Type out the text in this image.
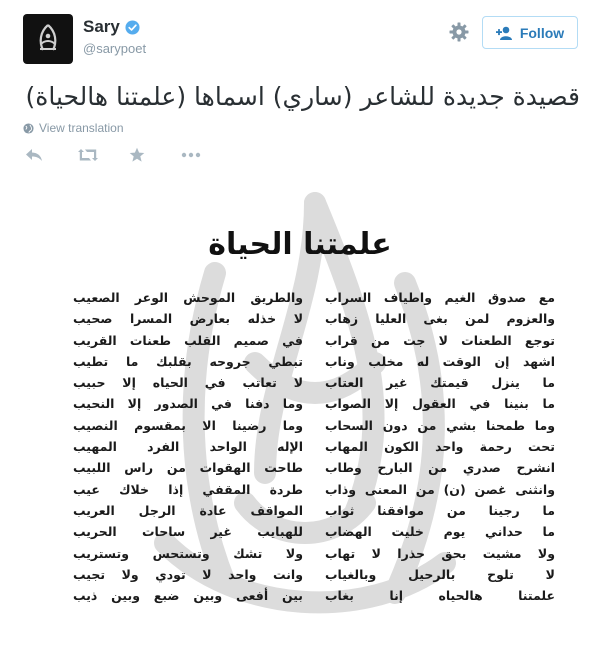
Sary
@sarypoet
Follow
قصيدة جديدة للشاعر (ساري) اسماها (علمتنا هالحياة)
View translation
علمتنا الحياة
مع صدوق الغيم واطياف السراب
والعزوم لمن بغى العليا زهاب
توجع الطعنات لا جت من قراب
اشهد إن الوقت له مخلب وناب
ما ينزل قيمتك غير العتاب
ما بنينا في العقول إلا الصواب
وما طمحنا بشي من دون السحاب
تحت رحمة واحد الكون المهاب
انشرح صدري من البارح وطاب
وانثنى غصن (ن) من المعنى وذاب
ما رجينا من موافقنا ثواب
ما حداني يوم خليت الهضاب
ولا مشيت بحق حذرا لا تهاب
لا تلوح بالرحيل وبالغياب
علمتنا هالحياه إنا بغاب
والطريق الموحش الوعر الصعيب
لا خذله بعارض المسرا صحيب
في صميم القلب طعنات القريب
تبطي جروحه بقلبك ما تطيب
لا تعاتب في الحياه إلا حبيب
وما دفنا في الصدور إلا النحيب
وما رضينا الا بمقسوم النصيب
الإله الواحد الفرد المهيب
طاحت الهقوات من راس اللبيب
طردة المقفي إذا خلاك عيب
المواقف عادة الرجل العريب
للهبايب غير ساحات الحريب
ولا تشك وتستحس وتستريب
وانت واحد لا تودي ولا تجيب
بين أفعى وبين ضبع وبين ذيب
